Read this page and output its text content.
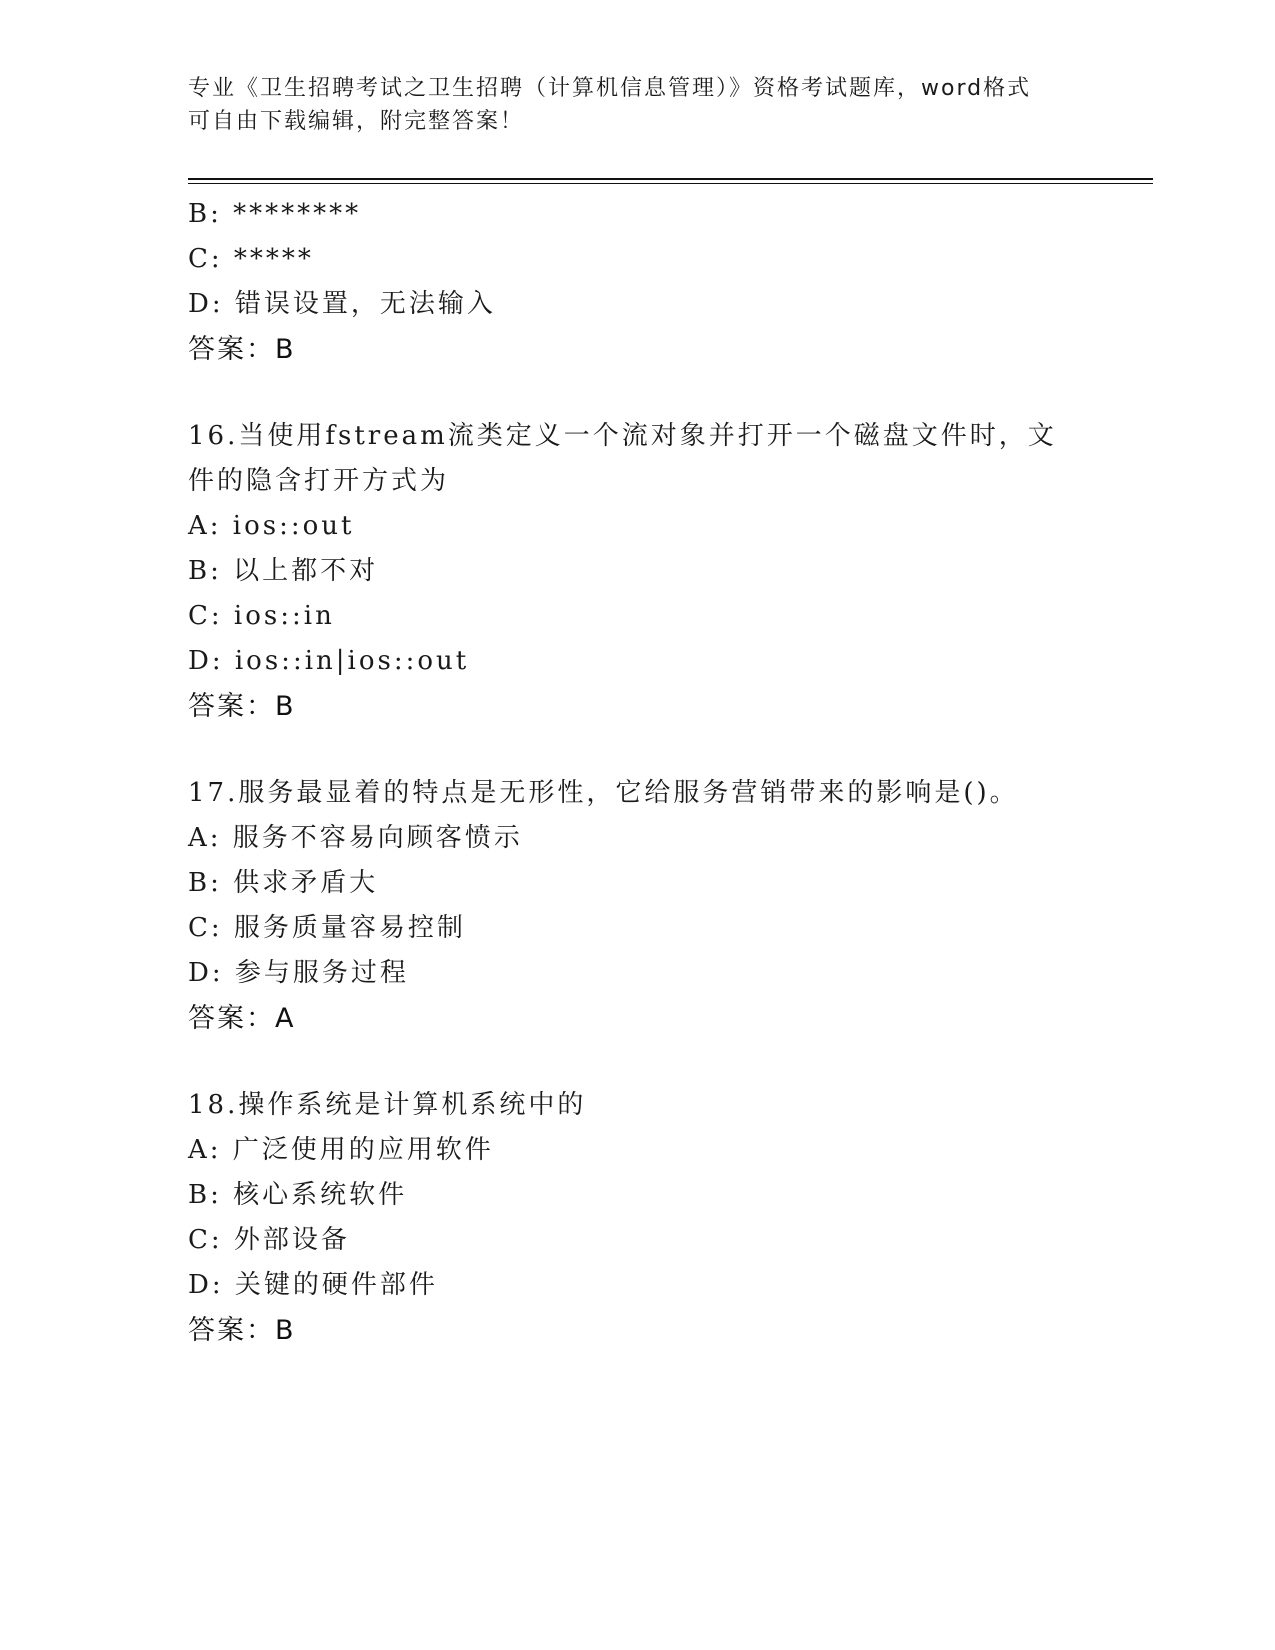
专业《卫生招聘考试之卫生招聘（计算机信息管理）》资格考试题库，word格式
可自由下载编辑，附完整答案！
B: ********
C: *****
D: 错误设置，无法输入
答案：B
16.当使用fstream流类定义一个流对象并打开一个磁盘文件时，文件的隐含打开方式为
A: ios::out
B: 以上都不对
C: ios::in
D: ios::in|ios::out
答案：B
17.服务最显着的特点是无形性，它给服务营销带来的影响是()。
A: 服务不容易向顾客愤示
B: 供求矛盾大
C: 服务质量容易控制
D: 参与服务过程
答案：A
18.操作系统是计算机系统中的
A: 广泛使用的应用软件
B: 核心系统软件
C: 外部设备
D: 关键的硬件部件
答案：B
